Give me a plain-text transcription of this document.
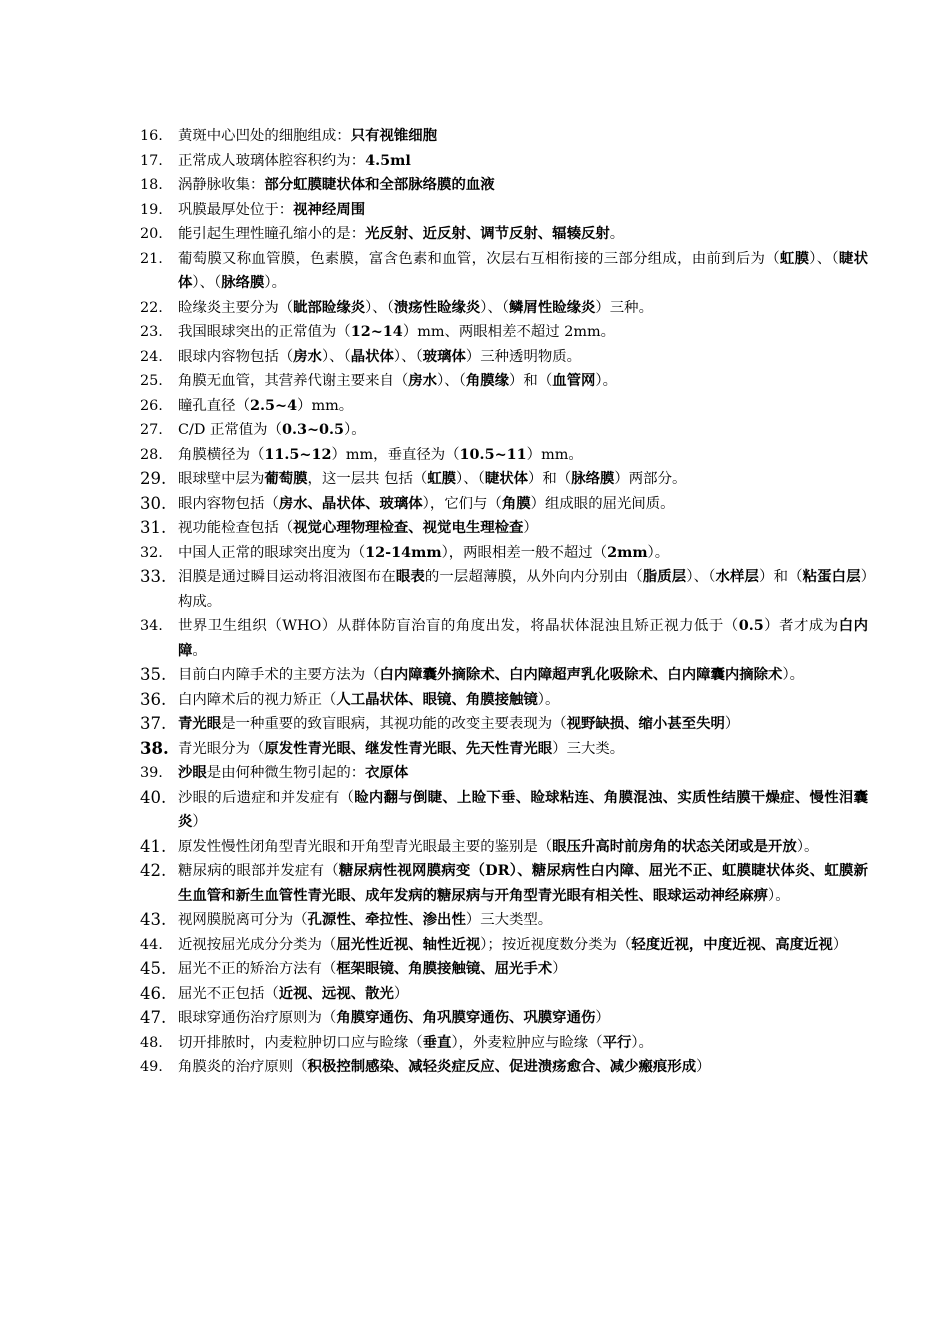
16.	黄斑中心凹处的细胞组成：只有视锥细胞
17.	正常成人玻璃体腔容积约为：4.5ml
18.	涡静脉收集：部分虹膜睫状体和全部脉络膜的血液
19.	巩膜最厚处位于：视神经周围
20.	能引起生理性瞳孔缩小的是：光反射、近反射、调节反射、辐辏反射。
21.	葡萄膜又称血管膜，色素膜，富含色素和血管，次层右互相衔接的三部分组成，由前到后为（虹膜）、（睫状体）、（脉络膜）。
22.	睑缘炎主要分为（眦部睑缘炎）、（溃疡性睑缘炎）、（鳞屑性睑缘炎）三种。
23.	我国眼球突出的正常值为（12~14）mm、两眼相差不超过 2mm。
24.	眼球内容物包括（房水）、（晶状体）、（玻璃体）三种透明物质。
25.	角膜无血管，其营养代谢主要来自（房水）、（角膜缘）和（血管网）。
26.	瞳孔直径（2.5~4）mm。
27.	C/D 正常值为（0.3~0.5）。
28.	角膜横径为（11.5~12）mm，垂直径为（10.5~11）mm。
29. 眼球壁中层为葡萄膜，这一层共 包括（虹膜）、（睫状体）和（脉络膜）两部分。
30. 眼内容物包括（房水、晶状体、玻璃体），它们与（角膜）组成眼的屈光间质。
31. 视功能检查包括（视觉心理物理检查、视觉电生理检查）
32.	中国人正常的眼球突出度为（12-14mm），两眼相差一般不超过（2mm）。
33. 泪膜是通过瞬目运动将泪液图布在眼表的一层超薄膜，从外向内分别由（脂质层）、（水样层）和（粘蛋白层）构成。
34.	世界卫生组织（WHO）从群体防盲治盲的角度出发，将晶状体混浊且矫正视力低于（0.5）者才成为白内障。
35. 目前白内障手术的主要方法为（白内障囊外摘除术、白内障超声乳化吸除术、白内障囊内摘除术）。
36. 白内障术后的视力矫正（人工晶状体、眼镜、角膜接触镜）。
37. 青光眼是一种重要的致盲眼病，其视功能的改变主要表现为（视野缺损、缩小甚至失明）
38. 青光眼分为（原发性青光眼、继发性青光眼、先天性青光眼）三大类。
39.	沙眼是由何种微生物引起的：衣原体
40. 沙眼的后遗症和并发症有（睑内翻与倒睫、上睑下垂、睑球粘连、角膜混浊、实质性结膜干燥症、慢性泪囊炎）
41. 原发性慢性闭角型青光眼和开角型青光眼最主要的鉴别是（眼压升高时前房角的状态关闭或是开放）。
42. 糖尿病的眼部并发症有（糖尿病性视网膜病变（DR）、糖尿病性白内障、屈光不正、虹膜睫状体炎、虹膜新生血管和新生血管性青光眼、成年发病的糖尿病与开角型青光眼有相关性、眼球运动神经麻痹）。
43. 视网膜脱离可分为（孔源性、牵拉性、渗出性）三大类型。
44.	近视按屈光成分分类为（屈光性近视、轴性近视）；按近视度数分类为（轻度近视，中度近视、高度近视）
45. 屈光不正的矫治方法有（框架眼镜、角膜接触镜、屈光手术）
46. 屈光不正包括（近视、远视、散光）
47. 眼球穿通伤治疗原则为（角膜穿通伤、角巩膜穿通伤、巩膜穿通伤）
48.	切开排脓时，内麦粒肿切口应与睑缘（垂直），外麦粒肿应与睑缘（平行）。
49.	角膜炎的治疗原则（积极控制感染、减轻炎症反应、促进溃疡愈合、减少瘢痕形成）
